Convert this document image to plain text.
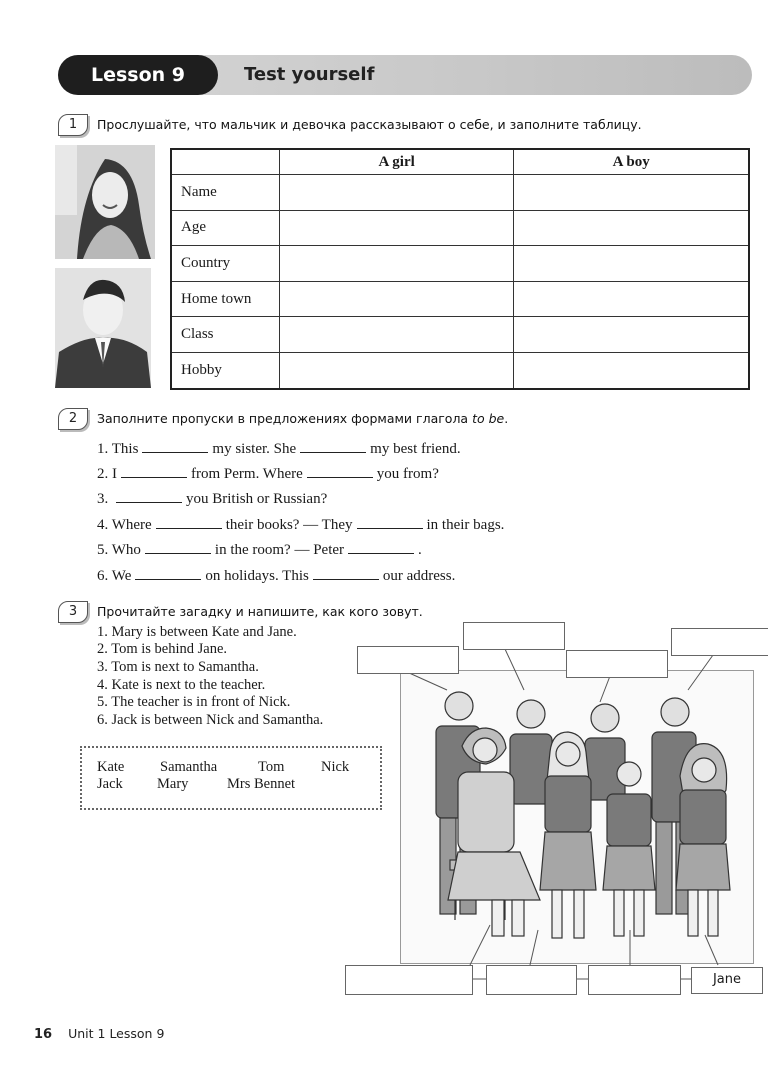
Lesson 9	Test yourself
1	Прослушайте, что мальчик и девочка рассказывают о себе, и заполните таблицу.
	A girl	A boy
Name		
Age		
Country		
Home town		
Class		
Hobby		
2	Заполните пропуски в предложениях формами глагола to be.
1. This	my sister. She	my best friend.
2. I	from Perm. Where	you from?
3.	you British or Russian?
4. Where	their books? — They	in their bags.
5. Who	in the room? — Peter	.
6. We	on holidays. This	our address.
3	Прочитайте загадку и напишите, как кого зовут.
1. Mary is between Kate and Jane.
2. Tom is behind Jane.
3. Tom is next to Samantha.
4. Kate is next to the teacher.
5. The teacher is in front of Nick.
6. Jack is between Nick and Samantha.
Kate Samantha	Tom	Nick
Jack Mary	Mrs Bennet
Jane
16 Unit 1 Lesson 9
